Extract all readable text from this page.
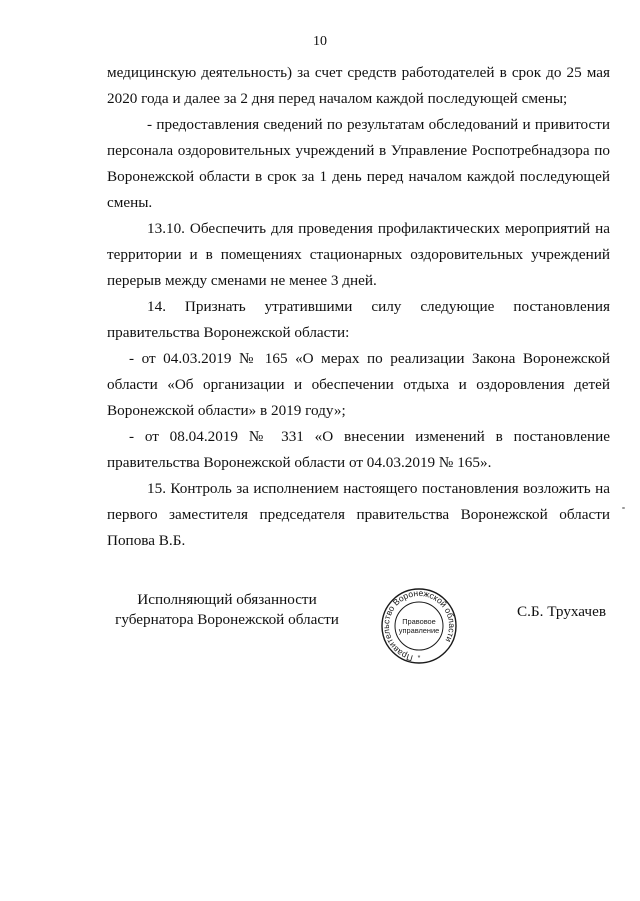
10

медицинскую деятельность) за счет средств работодателей в срок до 25 мая 2020 года и далее за 2 дня перед началом каждой последующей смены;

- предоставления сведений по результатам обследований и привитости персонала оздоровительных учреждений в Управление Роспотребнадзора по Воронежской области в срок за 1 день перед началом каждой последующей смены.

13.10. Обеспечить для проведения профилактических мероприятий на территории и в помещениях стационарных оздоровительных учреждений перерыв между сменами не менее 3 дней.

14. Признать утратившими силу следующие постановления правительства Воронежской области:

- от 04.03.2019 № 165 «О мерах по реализации Закона Воронежской области «Об организации и обеспечении отдыха и оздоровления детей Воронежской области» в 2019 году»;

- от 08.04.2019 № 331 «О внесении изменений в постановление правительства Воронежской области от 04.03.2019 № 165».

15. Контроль за исполнением настоящего постановления возложить на первого заместителя председателя правительства Воронежской области Попова В.Б.

Исполняющий обязанности
губернатора Воронежской области
Правительство Воронежской области
Правовое
управление
*
С.Б. Трухачев
